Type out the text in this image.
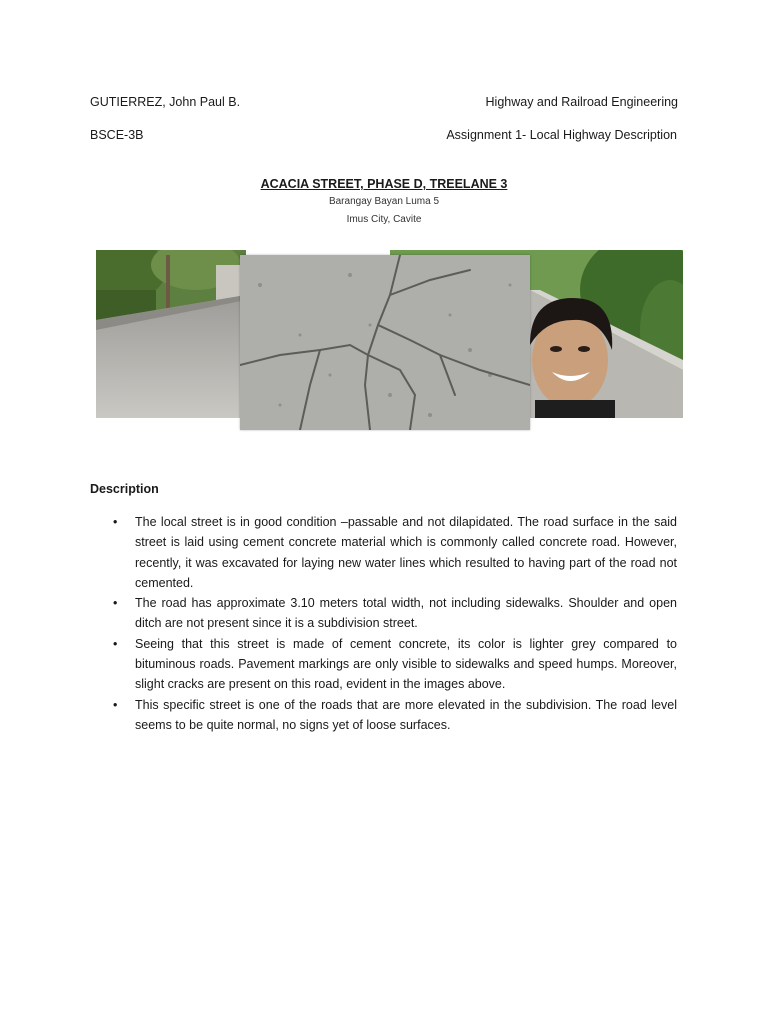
GUTIERREZ, John Paul B.	Highway and Railroad Engineering
BSCE-3B	Assignment 1- Local Highway Description
ACACIA STREET, PHASE D, TREELANE 3
Barangay Bayan Luma 5
Imus City, Cavite
Description
• The local street is in good condition –passable and not dilapidated. The road surface in the said street is laid using cement concrete material which is commonly called concrete road. However, recently, it was excavated for laying new water lines which resulted to having part of the road not cemented.
• The road has approximate 3.10 meters total width, not including sidewalks. Shoulder and open ditch are not present since it is a subdivision street.
• Seeing that this street is made of cement concrete, its color is lighter grey compared to bituminous roads. Pavement markings are only visible to sidewalks and speed humps. Moreover, slight cracks are present on this road, evident in the images above.
• This specific street is one of the roads that are more elevated in the subdivision. The road level seems to be quite normal, no signs yet of loose surfaces.
